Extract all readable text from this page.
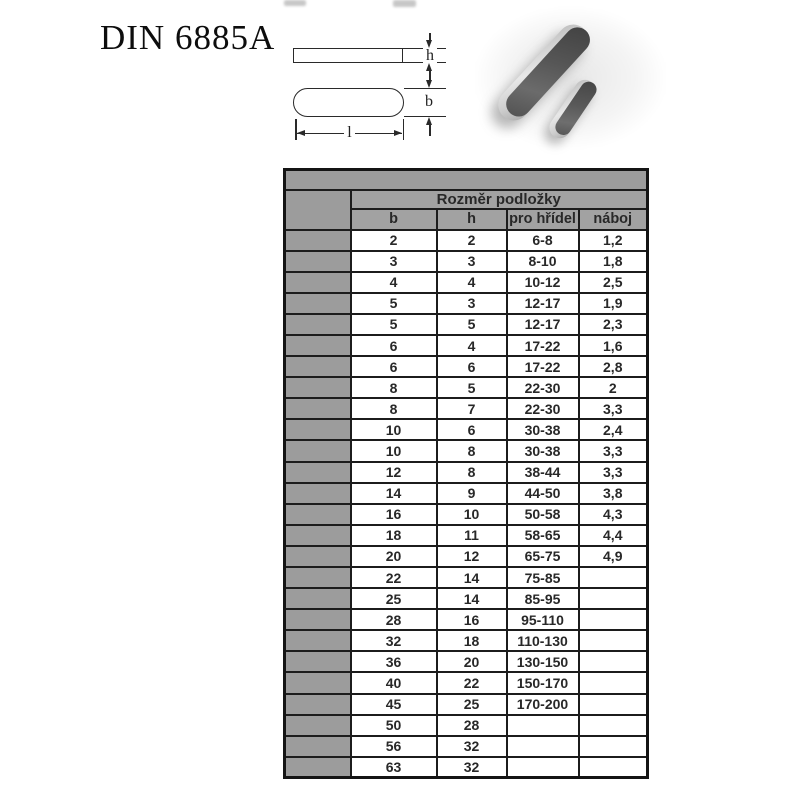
DIN 6885A	h
b
l

	Rozměr podložky			
	b	h	pro hřídel	náboj
	2	2	6-8	1,2
	3	3	8-10	1,8
	4	4	10-12	2,5
	5	3	12-17	1,9
	5	5	12-17	2,3
	6	4	17-22	1,6
	6	6	17-22	2,8
	8	5	22-30	2
	8	7	22-30	3,3
	10	6	30-38	2,4
	10	8	30-38	3,3
	12	8	38-44	3,3
	14	9	44-50	3,8
	16	10	50-58	4,3
	18	11	58-65	4,4
	20	12	65-75	4,9
	22	14	75-85	
	25	14	85-95	
	28	16	95-110	
	32	18	110-130	
	36	20	130-150	
	40	22	150-170	
	45	25	170-200	
	50	28		
	56	32		
	63	32		
